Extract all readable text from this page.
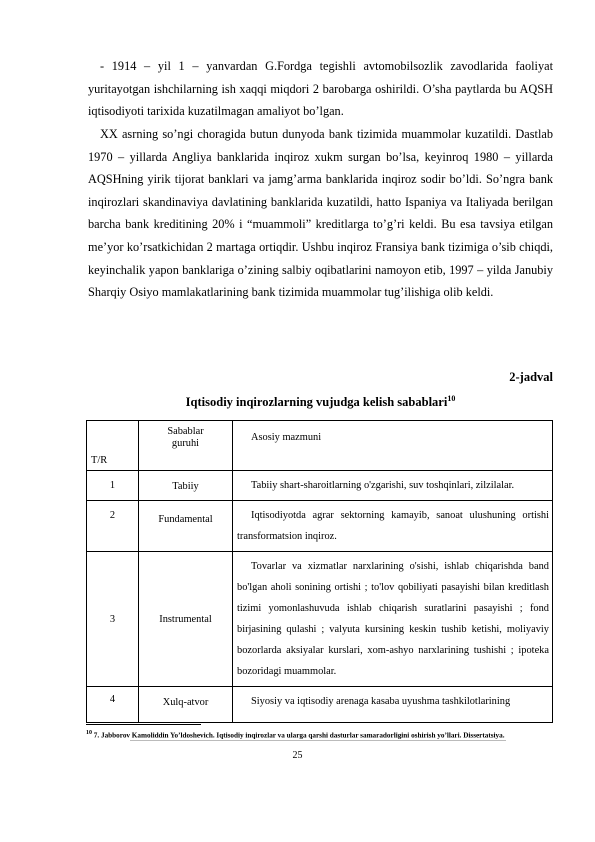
- 1914 – yil 1 – yanvardan G.Fordga tegishli avtomobilsozlik zavodlarida faoliyat yuritayotgan ishchilarning ish xaqqi miqdori 2 barobarga oshirildi. O’sha paytlarda bu AQSH iqtisodiyoti tarixida kuzatilmagan amaliyot bo’lgan.

XX asrning so’ngi choragida butun dunyoda bank tizimida muammolar kuzatildi. Dastlab 1970 – yillarda Angliya banklarida inqiroz xukm surgan bo’lsa, keyinroq 1980 – yillarda AQSHning yirik tijorat banklari va jamg’arma banklarida inqiroz sodir bo’ldi. So’ngra bank inqirozlari skandinaviya davlatining banklarida kuzatildi, hatto Ispaniya va Italiyada berilgan barcha bank kreditining 20% i “muammoli” kreditlarga to’g’ri keldi. Bu esa tavsiya etilgan me’yor ko’rsatkichidan 2 martaga ortiqdir. Ushbu inqiroz Fransiya bank tizimiga o’sib chiqdi, keyinchalik yapon banklariga o’zining salbiy oqibatlarini namoyon etib, 1997 – yilda Janubiy Sharqiy Osiyo mamlakatlarining bank tizimida muammolar tug’ilishiga olib keldi.

2-jadval
Iqtisodiy inqirozlarning vujudga kelish sabablari$^{10}$
T/R	Sabablar guruhi	Asosiy mazmuni

1	Tabiiy	Tabiiy shart-sharoitlarning o'zgarishi, suv toshqinlari, zilzilalar.

2	Fundamental	Iqtisodiyotda agrar sektorning kamayib, sanoat ulushuning ortishi transformatsion inqiroz.
3	Instrumental	Tovarlar va xizmatlar narxlarining o'sishi, ishlab chiqarishda band bo'lgan aholi sonining ortishi ; to'lov qobiliyati pasayishi bilan kreditlash tizimi yomonlashuvuda ishlab chiqarish suratlarini pasayishi ; fond birjasining qulashi ; valyuta kursining keskin tushib ketishi, moliyaviy bozorlarda aksiyalar kurslari, xom-ashyo narxlarining tushishi ; ipoteka bozoridagi muammolar.

4	Xulq-atvor	Siyosiy va iqtisodiy arenaga kasaba uyushma tashkilotlarining
$^{10}$ 7. Jabborov Kamoliddin Yo’ldoshevich. Iqtisodiy inqirozlar va ularga qarshi dasturlar samaradorligini oshirish yo’llari. Dissertatsiya.
25
